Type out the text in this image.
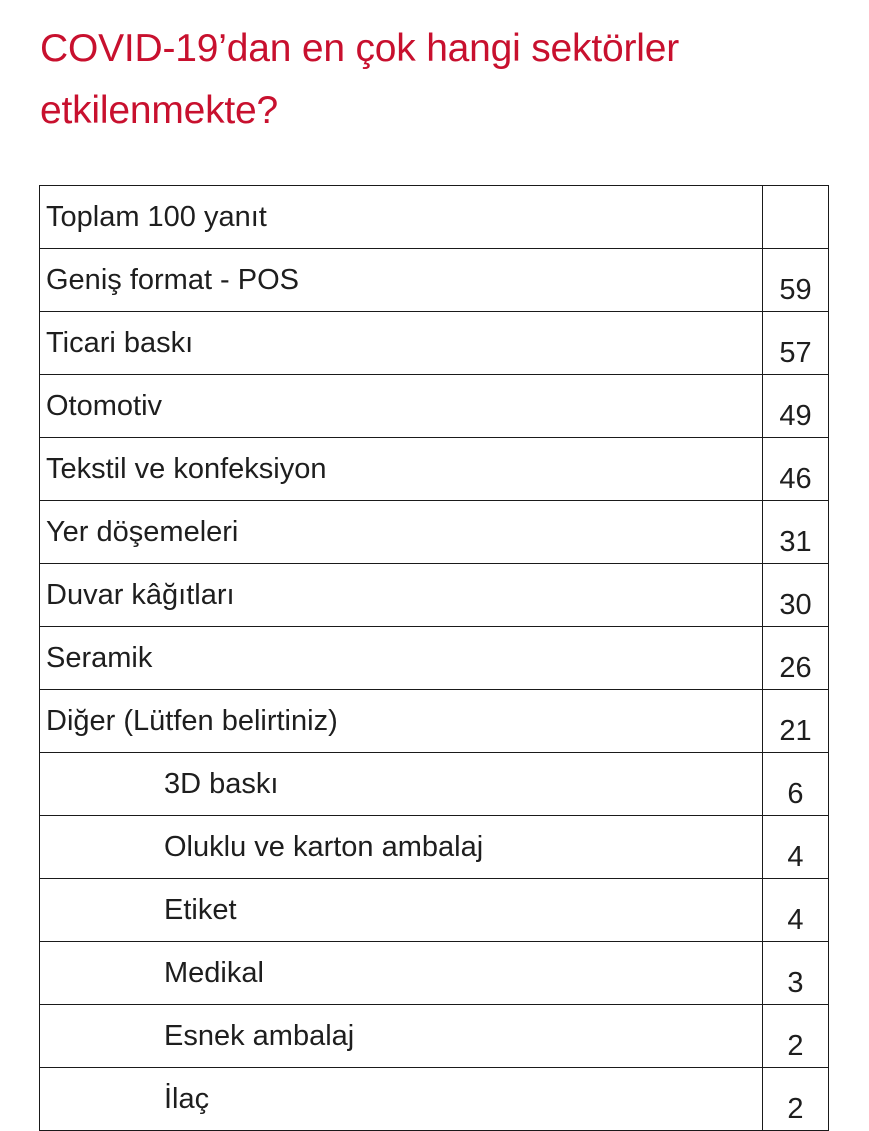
COVID-19’dan en çok hangi sektörler etkilenmekte?
Toplam 100 yanıt	
Geniş format - POS	59
Ticari baskı	57
Otomotiv	49
Tekstil ve konfeksiyon	46
Yer döşemeleri	31
Duvar kâğıtları	30
Seramik	26
Diğer (Lütfen belirtiniz)	21
3D baskı	6
Oluklu ve karton ambalaj	4
Etiket	4
Medikal	3
Esnek ambalaj	2
İlaç	2
